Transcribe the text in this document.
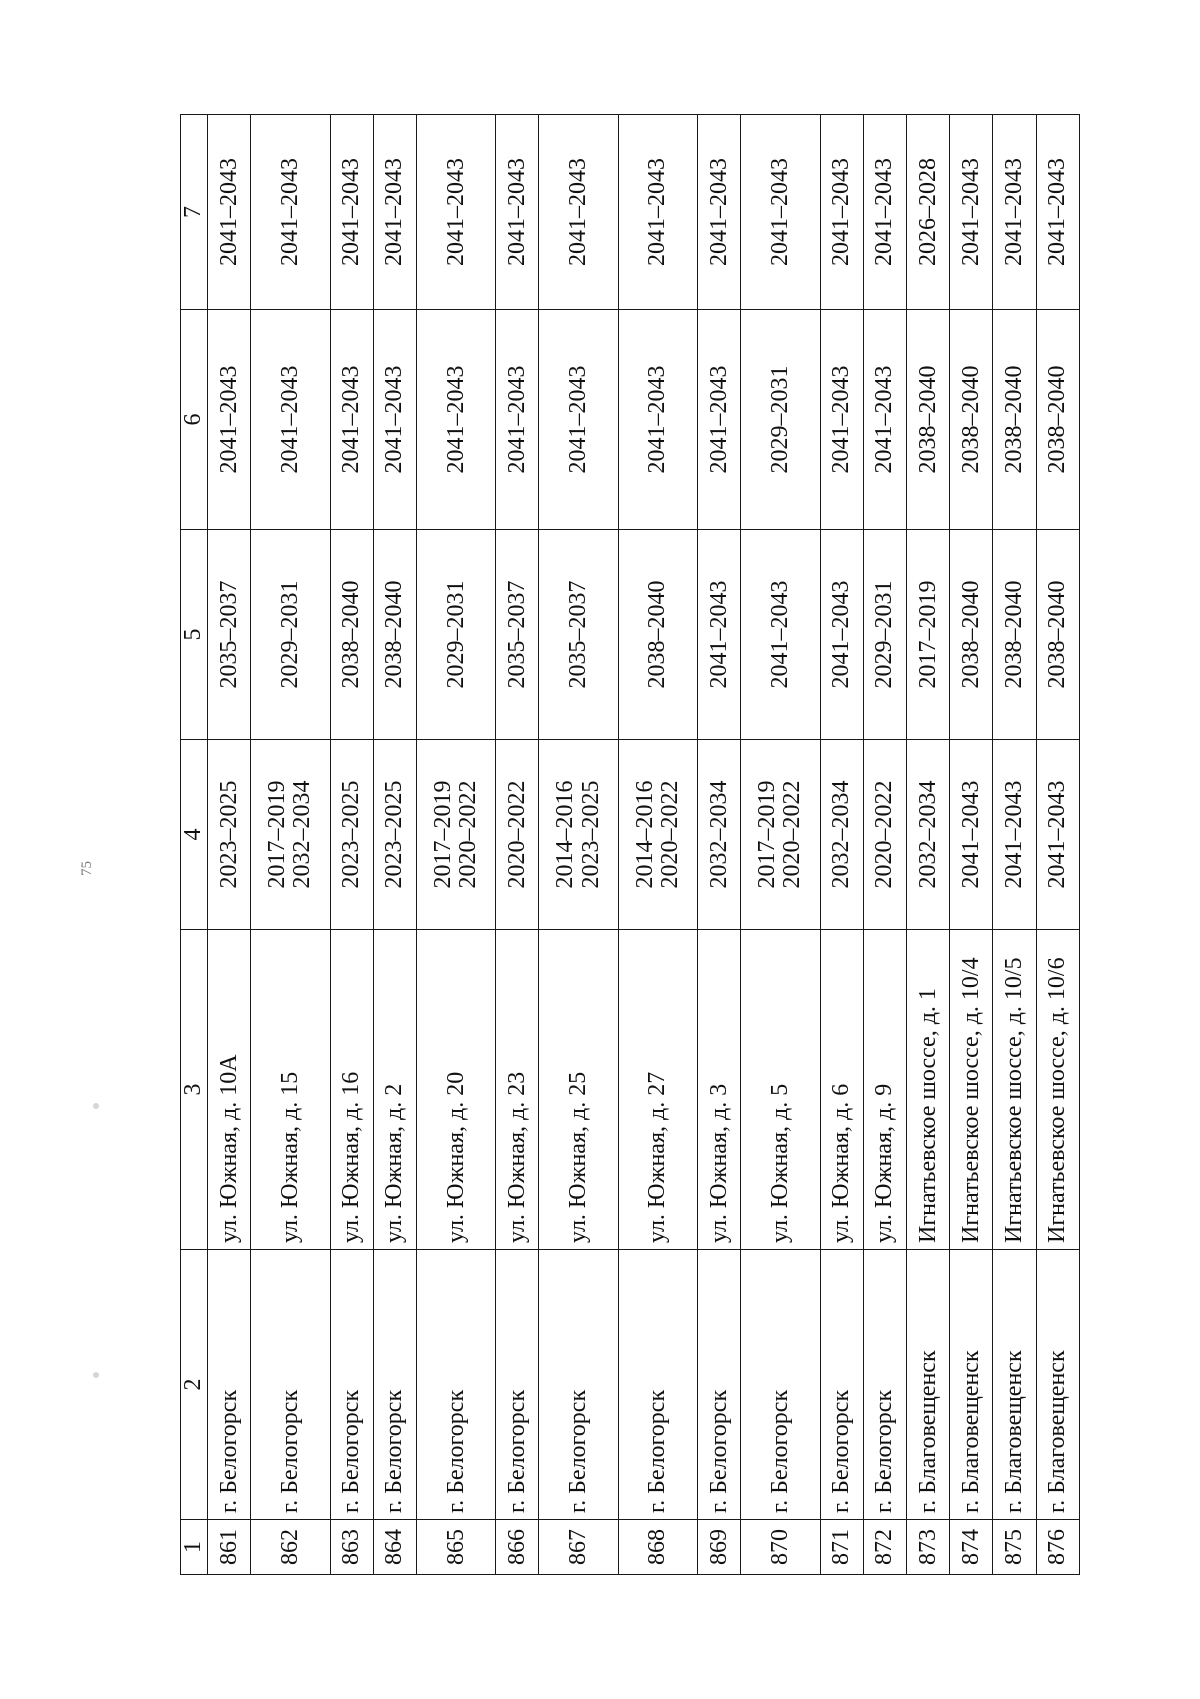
75
1	2	3	4	5	6	7
861	г. Белогорск	ул. Южная, д. 10А	2023–2025	2035–2037	2041–2043	2041–2043
862	г. Белогорск	ул. Южная, д. 15	2017–2019 2032–2034	2029–2031	2041–2043	2041–2043
863	г. Белогорск	ул. Южная, д. 16	2023–2025	2038–2040	2041–2043	2041–2043
864	г. Белогорск	ул. Южная, д. 2	2023–2025	2038–2040	2041–2043	2041–2043
865	г. Белогорск	ул. Южная, д. 20	2017–2019 2020–2022	2029–2031	2041–2043	2041–2043
866	г. Белогорск	ул. Южная, д. 23	2020–2022	2035–2037	2041–2043	2041–2043
867	г. Белогорск	ул. Южная, д. 25	2014–2016 2023–2025	2035–2037	2041–2043	2041–2043
868	г. Белогорск	ул. Южная, д. 27	2014–2016 2020–2022	2038–2040	2041–2043	2041–2043
869	г. Белогорск	ул. Южная, д. 3	2032–2034	2041–2043	2041–2043	2041–2043
870	г. Белогорск	ул. Южная, д. 5	2017–2019 2020–2022	2041–2043	2029–2031	2041–2043
871	г. Белогорск	ул. Южная, д. 6	2032–2034	2041–2043	2041–2043	2041–2043
872	г. Белогорск	ул. Южная, д. 9	2020–2022	2029–2031	2041–2043	2041–2043
873	г. Благовещенск	Игнатьевское шоссе, д. 1	2032–2034	2017–2019	2038–2040	2026–2028
874	г. Благовещенск	Игнатьевское шоссе, д. 10/4	2041–2043	2038–2040	2038–2040	2041–2043
875	г. Благовещенск	Игнатьевское шоссе, д. 10/5	2041–2043	2038–2040	2038–2040	2041–2043
876	г. Благовещенск	Игнатьевское шоссе, д. 10/6	2041–2043	2038–2040	2038–2040	2041–2043
